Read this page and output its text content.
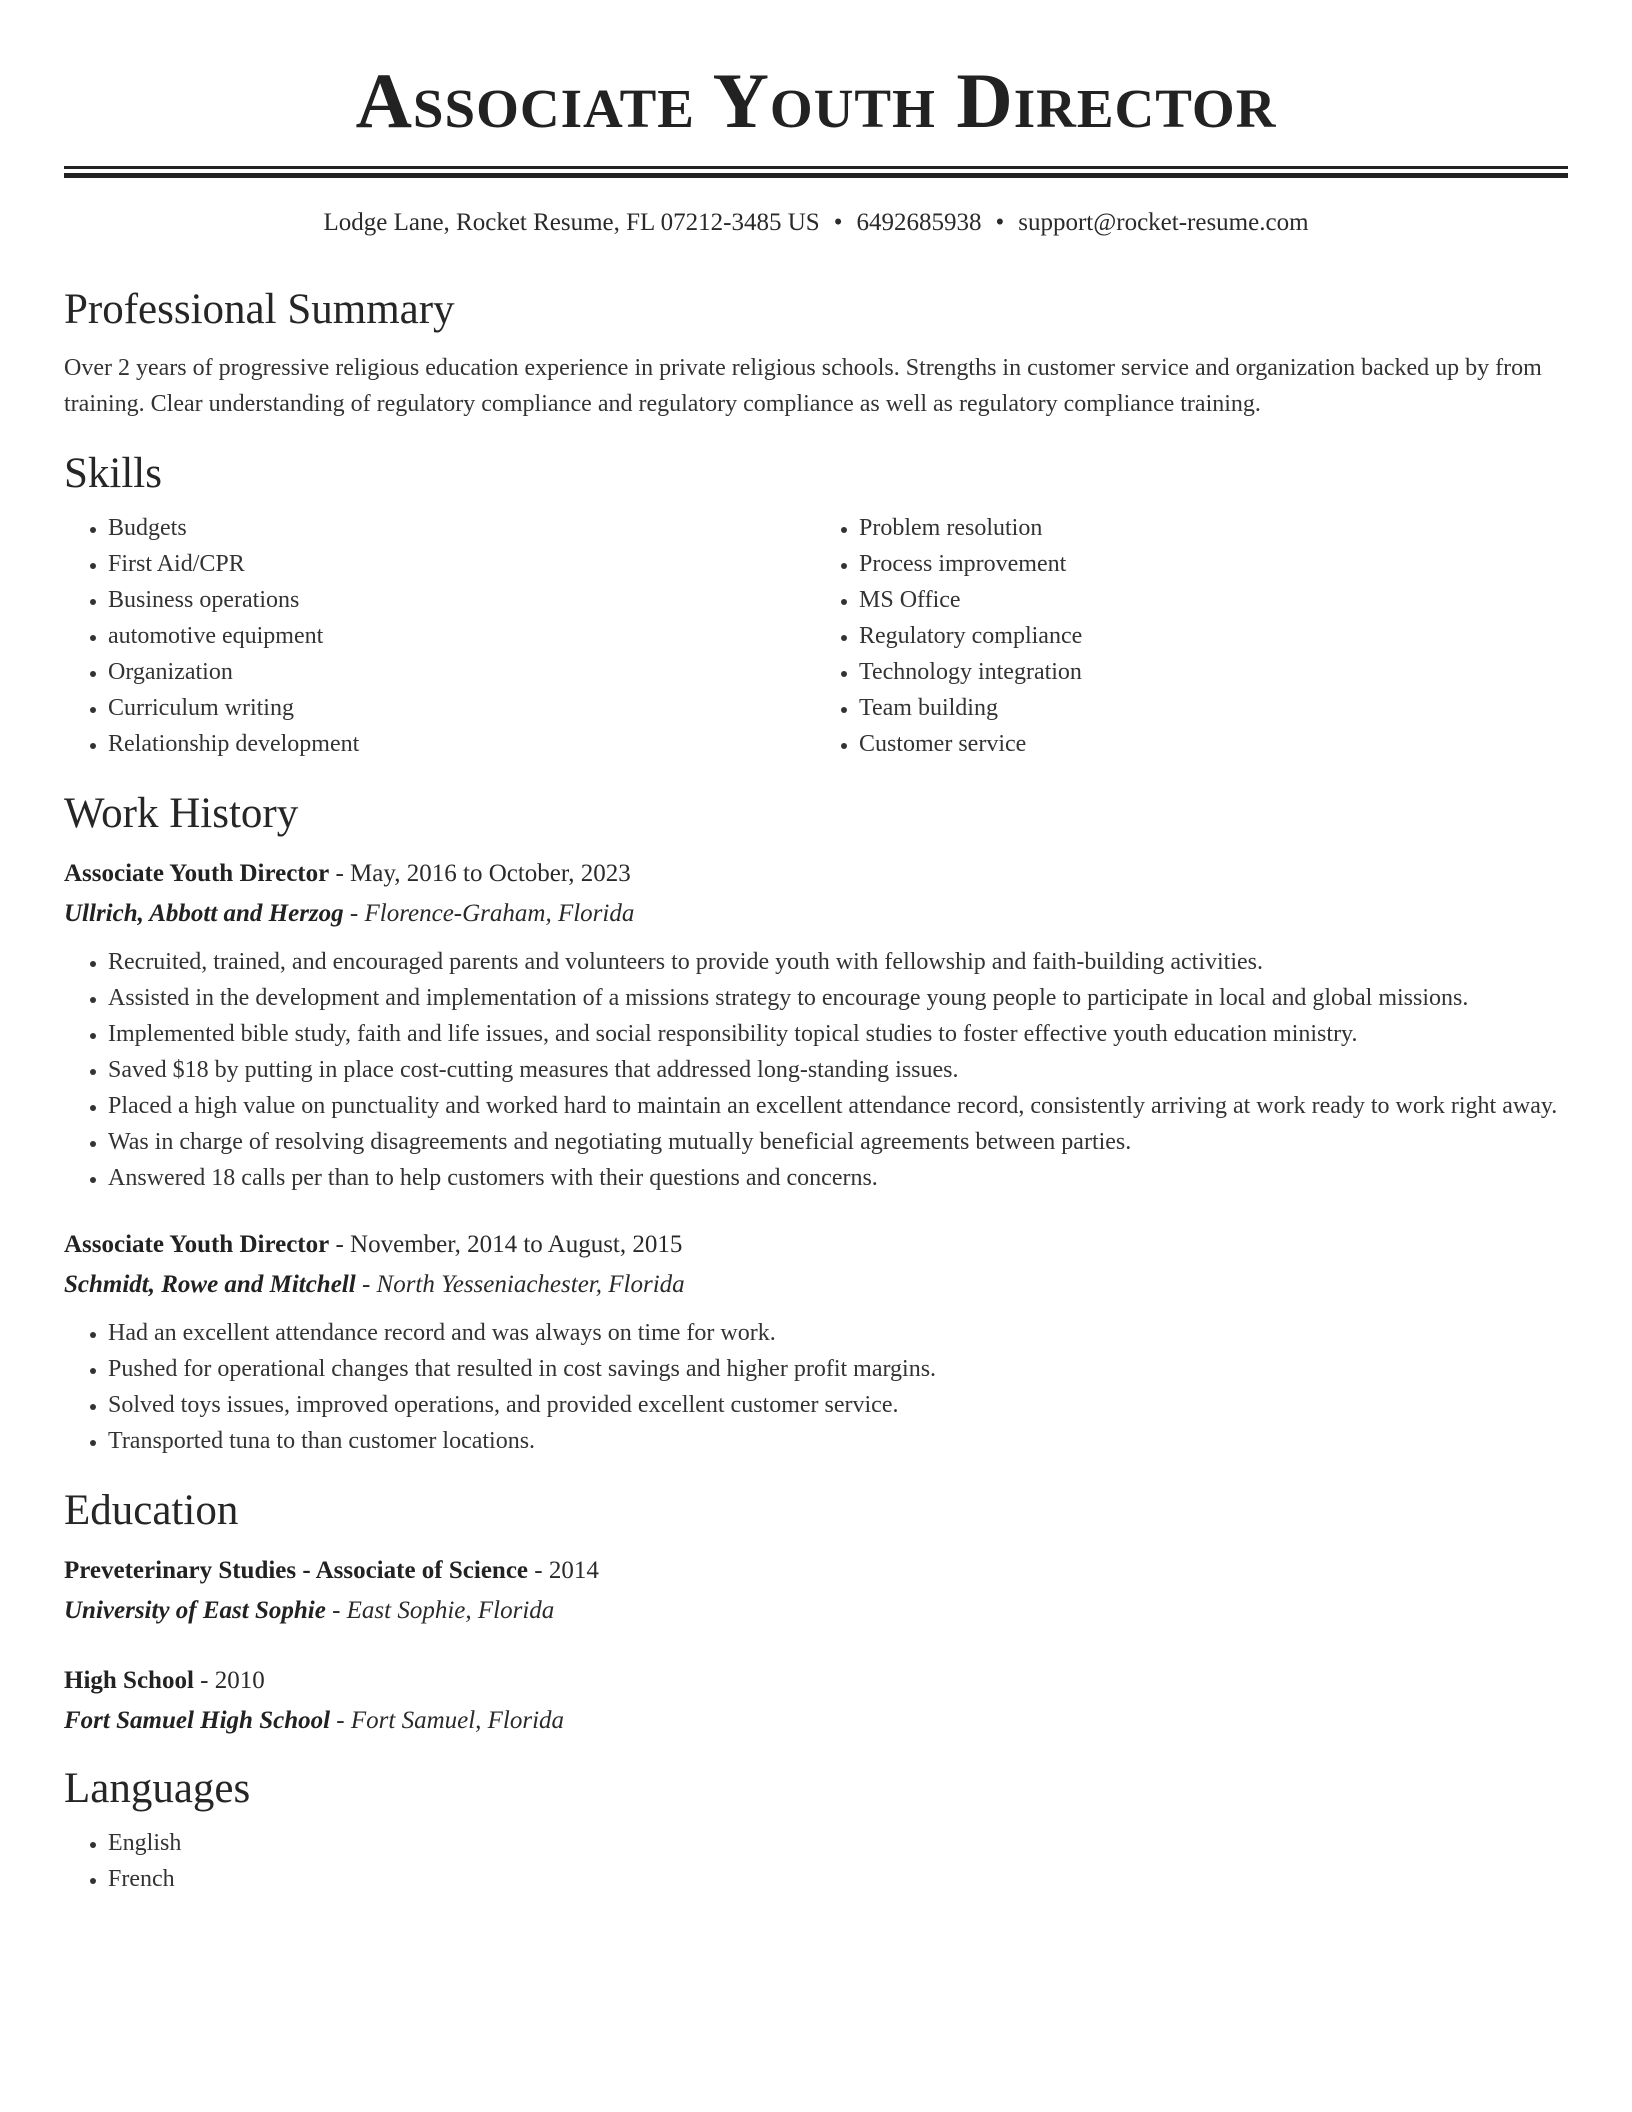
Associate Youth Director
Lodge Lane, Rocket Resume, FL 07212-3485 US • 6492685938 • support@rocket-resume.com
Professional Summary

Over 2 years of progressive religious education experience in private religious schools. Strengths in customer service and organization backed up by from training. Clear understanding of regulatory compliance and regulatory compliance as well as regulatory compliance training.

Skills
• Budgets
• First Aid/CPR
• Business operations
• automotive equipment
• Organization
• Curriculum writing
• Relationship development
• Problem resolution
• Process improvement
• MS Office
• Regulatory compliance
• Technology integration
• Team building
• Customer service
Work History
Associate Youth Director - May, 2016 to October, 2023
Ullrich, Abbott and Herzog - Florence-Graham, Florida
• Recruited, trained, and encouraged parents and volunteers to provide youth with fellowship and faith-building activities.
• Assisted in the development and implementation of a missions strategy to encourage young people to participate in local and global missions.
• Implemented bible study, faith and life issues, and social responsibility topical studies to foster effective youth education ministry.
• Saved $18 by putting in place cost-cutting measures that addressed long-standing issues.
• Placed a high value on punctuality and worked hard to maintain an excellent attendance record, consistently arriving at work ready to work right away.
• Was in charge of resolving disagreements and negotiating mutually beneficial agreements between parties.
• Answered 18 calls per than to help customers with their questions and concerns.
Associate Youth Director - November, 2014 to August, 2015
Schmidt, Rowe and Mitchell - North Yesseniachester, Florida
• Had an excellent attendance record and was always on time for work.
• Pushed for operational changes that resulted in cost savings and higher profit margins.
• Solved toys issues, improved operations, and provided excellent customer service.
• Transported tuna to than customer locations.
Education
Preveterinary Studies - Associate of Science - 2014
University of East Sophie - East Sophie, Florida
High School - 2010
Fort Samuel High School - Fort Samuel, Florida
Languages
• English
• French
